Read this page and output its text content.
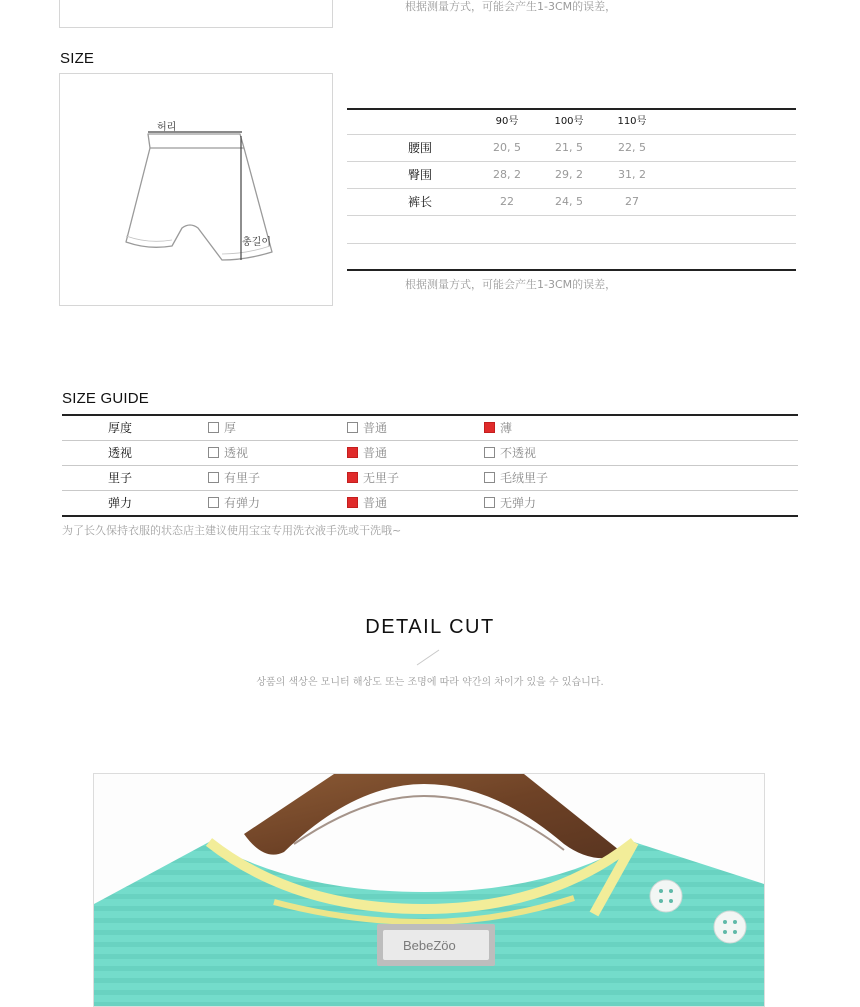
根据测量方式，可能会产生1-3CM的误差，
SIZE
허리
총길이
90号	100号	110号
腰围	20, 5	21, 5	22, 5
臀围	28, 2	29, 2	31, 2
裤长	22	24, 5	27
根据测量方式，可能会产生1-3CM的误差，
SIZE GUIDE
厚度	厚	普通	薄
透视	透视	普通	不透视
里子	有里子	无里子	毛绒里子
弹力	有弹力	普通	无弹力
为了长久保持衣服的状态店主建议使用宝宝专用洗衣液手洗或干洗哦~
DETAIL CUT
상품의 색상은 모니터 해상도 또는 조명에 따라 약간의 차이가 있을 수 있습니다.
BebeZöo
